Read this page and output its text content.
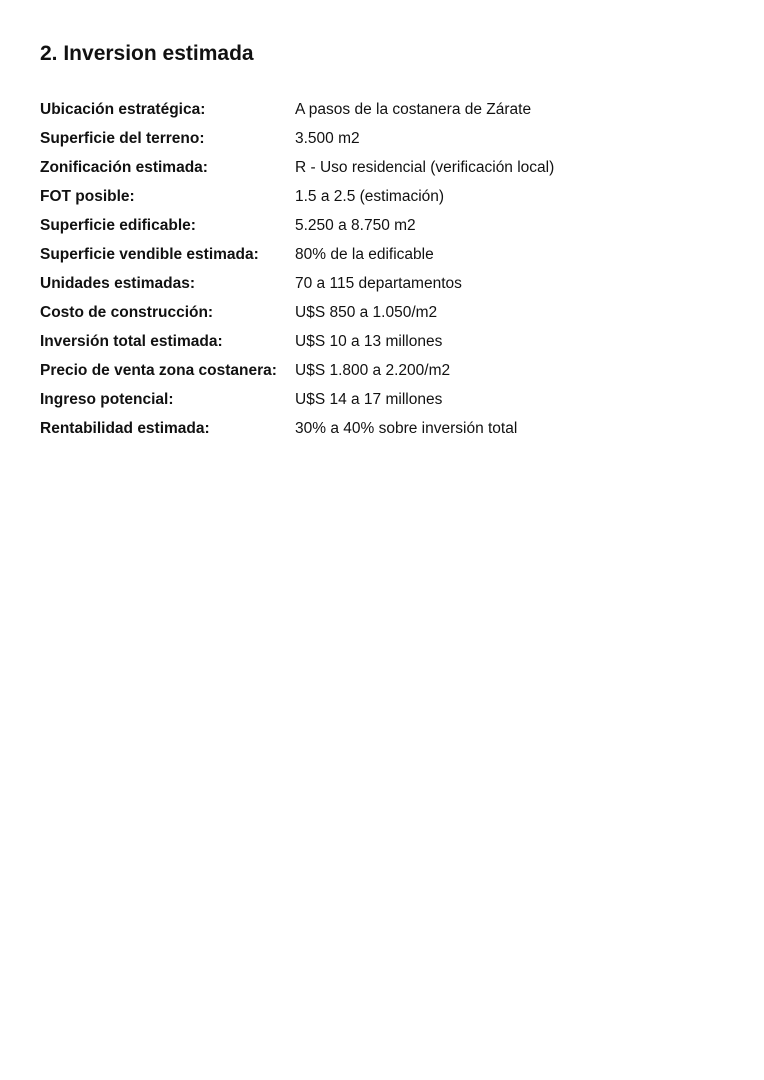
2. Inversion estimada
Ubicación estratégica:	A pasos de la costanera de Zárate
Superficie del terreno:	3.500 m2
Zonificación estimada:	R - Uso residencial (verificación local)
FOT posible:	1.5 a 2.5 (estimación)
Superficie edificable:	5.250 a 8.750 m2
Superficie vendible estimada:	80% de la edificable
Unidades estimadas:	70 a 115 departamentos
Costo de construcción:	U$S 850 a 1.050/m2
Inversión total estimada:	U$S 10 a 13 millones
Precio de venta zona costanera:	U$S 1.800 a 2.200/m2
Ingreso potencial:	U$S 14 a 17 millones
Rentabilidad estimada:	30% a 40% sobre inversión total
